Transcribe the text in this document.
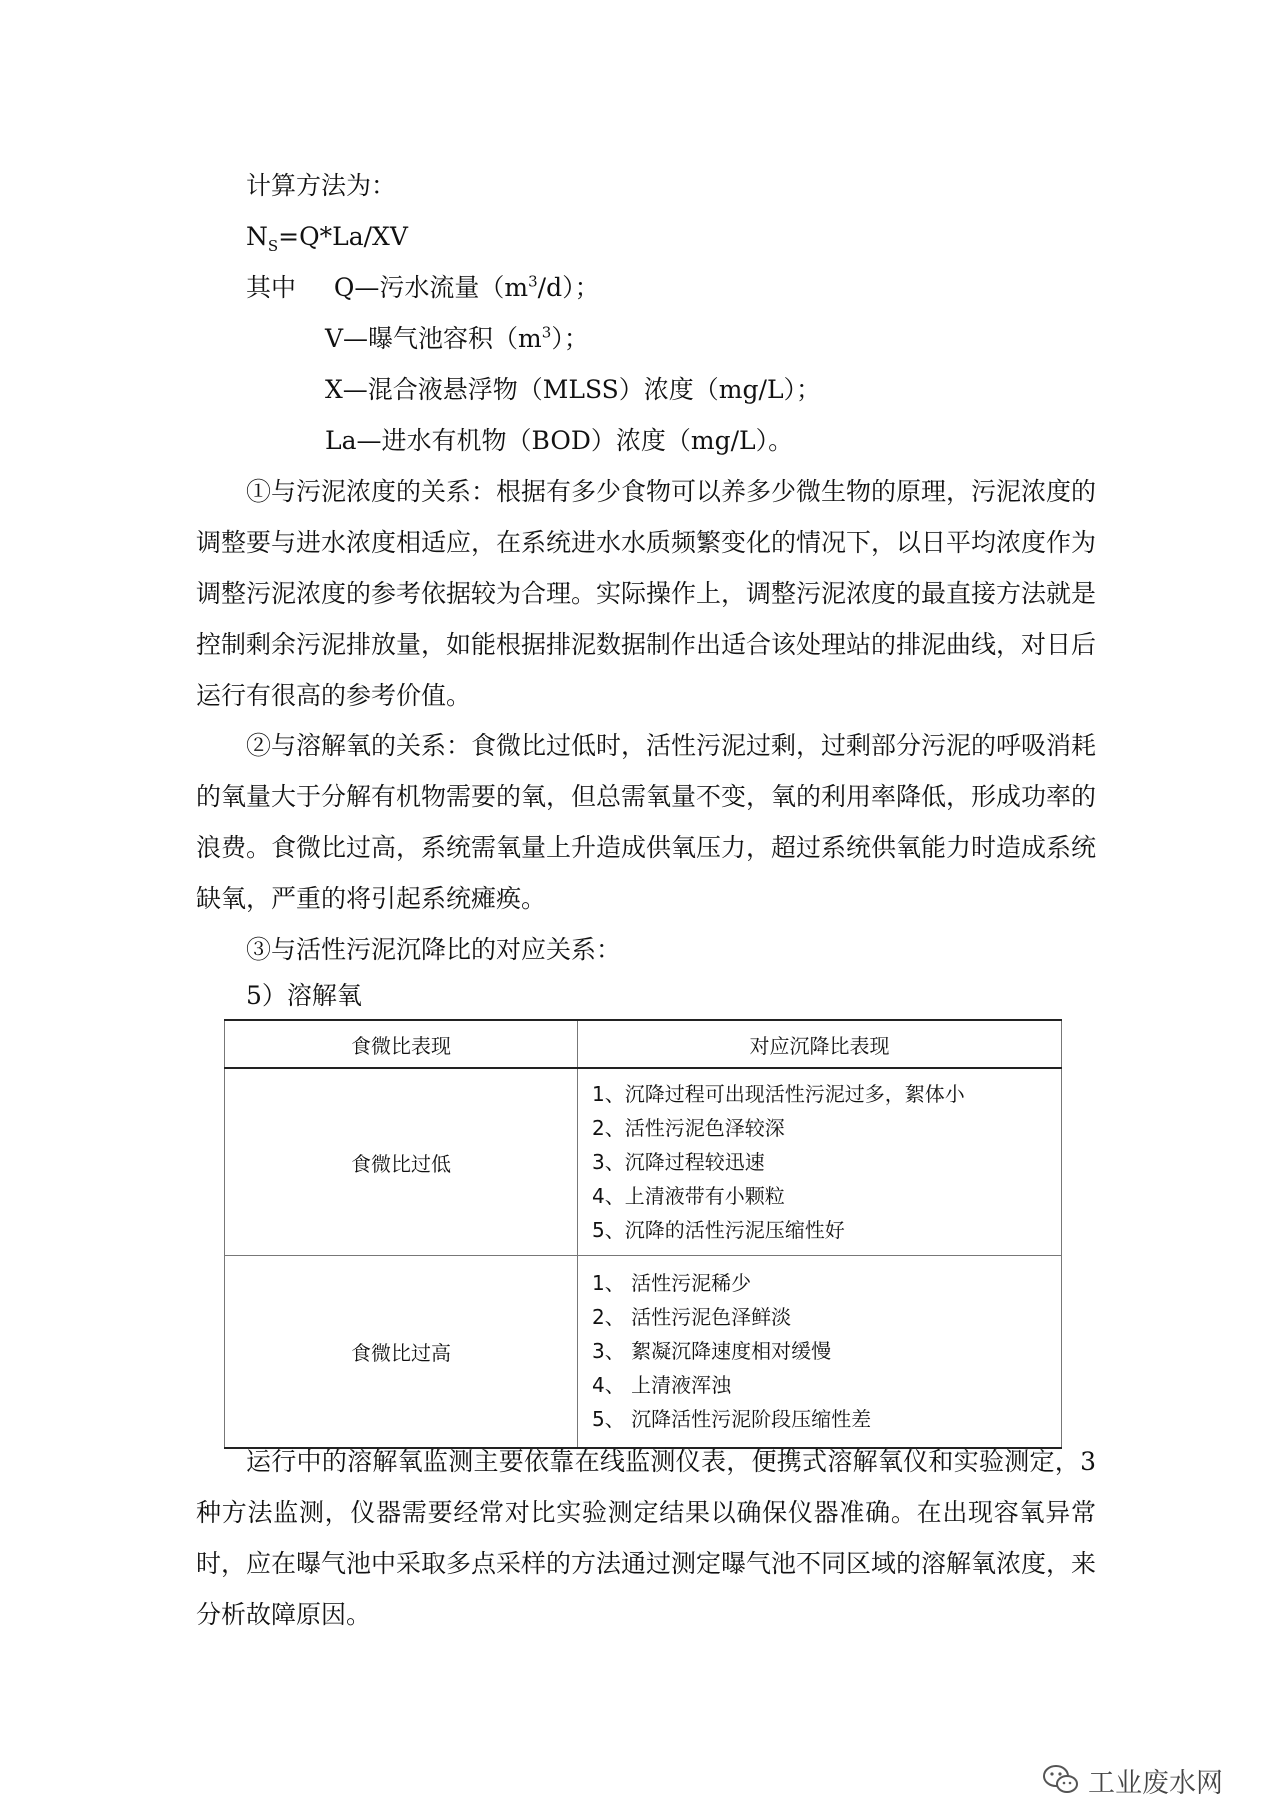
计算方法为：
$N_S=Q*La/XV$
其中 Q—污水流量$(m^3/d)$；
V—曝气池容积$(m^3)$；
X—混合液悬浮物（MLSS）浓度（mg/L）；
La—进水有机物（BOD）浓度（mg/L）。
①与污泥浓度的关系：根据有多少食物可以养多少微生物的原理，污泥浓度的调整要与进水浓度相适应，在系统进水水质频繁变化的情况下，以日平均浓度作为调整污泥浓度的参考依据较为合理。实际操作上，调整污泥浓度的最直接方法就是控制剩余污泥排放量，如能根据排泥数据制作出适合该处理站的排泥曲线，对日后运行有很高的参考价值。
②与溶解氧的关系：食微比过低时，活性污泥过剩，过剩部分污泥的呼吸消耗的氧量大于分解有机物需要的氧，但总需氧量不变，氧的利用率降低，形成功率的浪费。食微比过高，系统需氧量上升造成供氧压力，超过系统供氧能力时造成系统缺氧，严重的将引起系统瘫痪。
③与活性污泥沉降比的对应关系：
5）溶解氧
食微比表现	对应沉降比表现
食微比过低	1、沉降过程可出现活性污泥过多，絮体小
2、活性污泥色泽较深
3、沉降过程较迅速
4、上清液带有小颗粒
5、沉降的活性污泥压缩性好

食微比过高	1、 活性污泥稀少
2、 活性污泥色泽鲜淡
3、 絮凝沉降速度相对缓慢
4、 上清液浑浊
5、 沉降活性污泥阶段压缩性差
运行中的溶解氧监测主要依靠在线监测仪表，便携式溶解氧仪和实验测定，3种方法监测，仪器需要经常对比实验测定结果以确保仪器准确。在出现容氧异常时，应在曝气池中采取多点采样的方法通过测定曝气池不同区域的溶解氧浓度，来分析故障原因。
工业废水网
